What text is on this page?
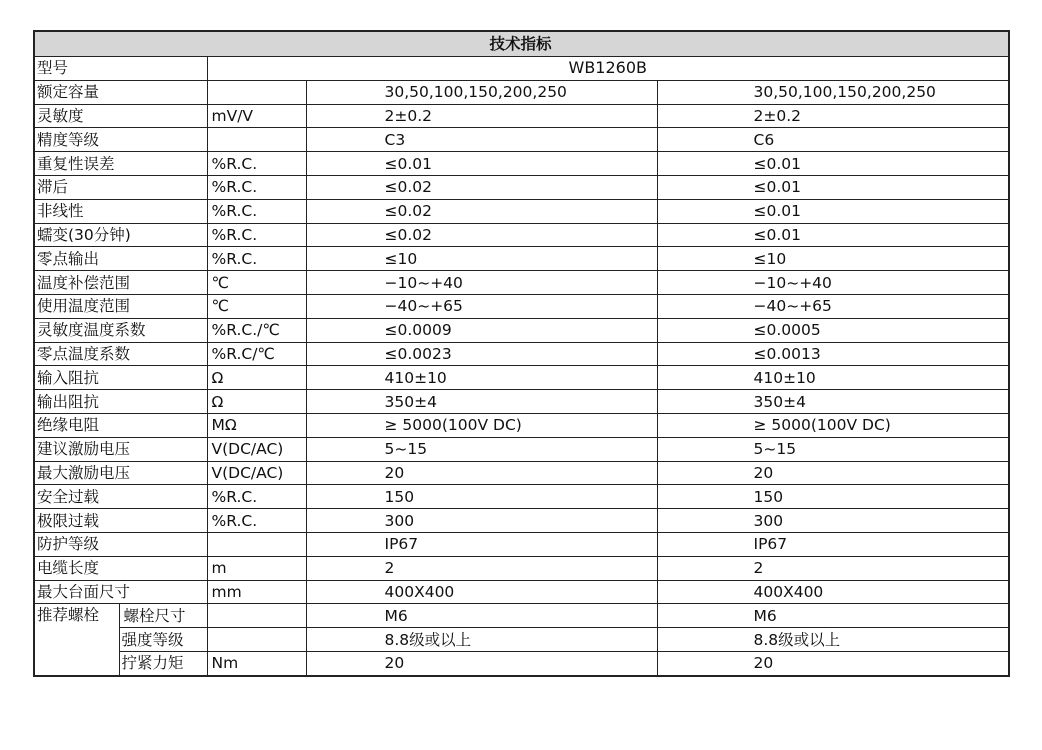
技术指标				
型号		WB1260B		
额定容量			30,50,100,150,200,250	30,50,100,150,200,250
灵敏度		mV/V	2±0.2	2±0.2
精度等级			C3	C6
重复性误差		%R.C.	≤0.01	≤0.01
滞后		%R.C.	≤0.02	≤0.01
非线性		%R.C.	≤0.02	≤0.01
蠕变(30分钟)		%R.C.	≤0.02	≤0.01
零点输出		%R.C.	≤10	≤10
温度补偿范围		℃	−10~+40	−10~+40
使用温度范围		℃	−40~+65	−40~+65
灵敏度温度系数		%R.C./℃	≤0.0009	≤0.0005
零点温度系数		%R.C/℃	≤0.0023	≤0.0013
输入阻抗		Ω	410±10	410±10
输出阻抗		Ω	350±4	350±4
绝缘电阻		MΩ	≥ 5000(100V DC)	≥ 5000(100V DC)
建议激励电压		V(DC/AC)	5~15	5~15
最大激励电压		V(DC/AC)	20	20
安全过载		%R.C.	150	150
极限过载		%R.C.	300	300
防护等级			IP67	IP67
电缆长度		m	2	2
最大台面尺寸		mm	400X400	400X400
推荐螺栓	螺栓尺寸		M6	M6
	强度等级		8.8级或以上	8.8级或以上
	拧紧力矩	Nm	20	20
